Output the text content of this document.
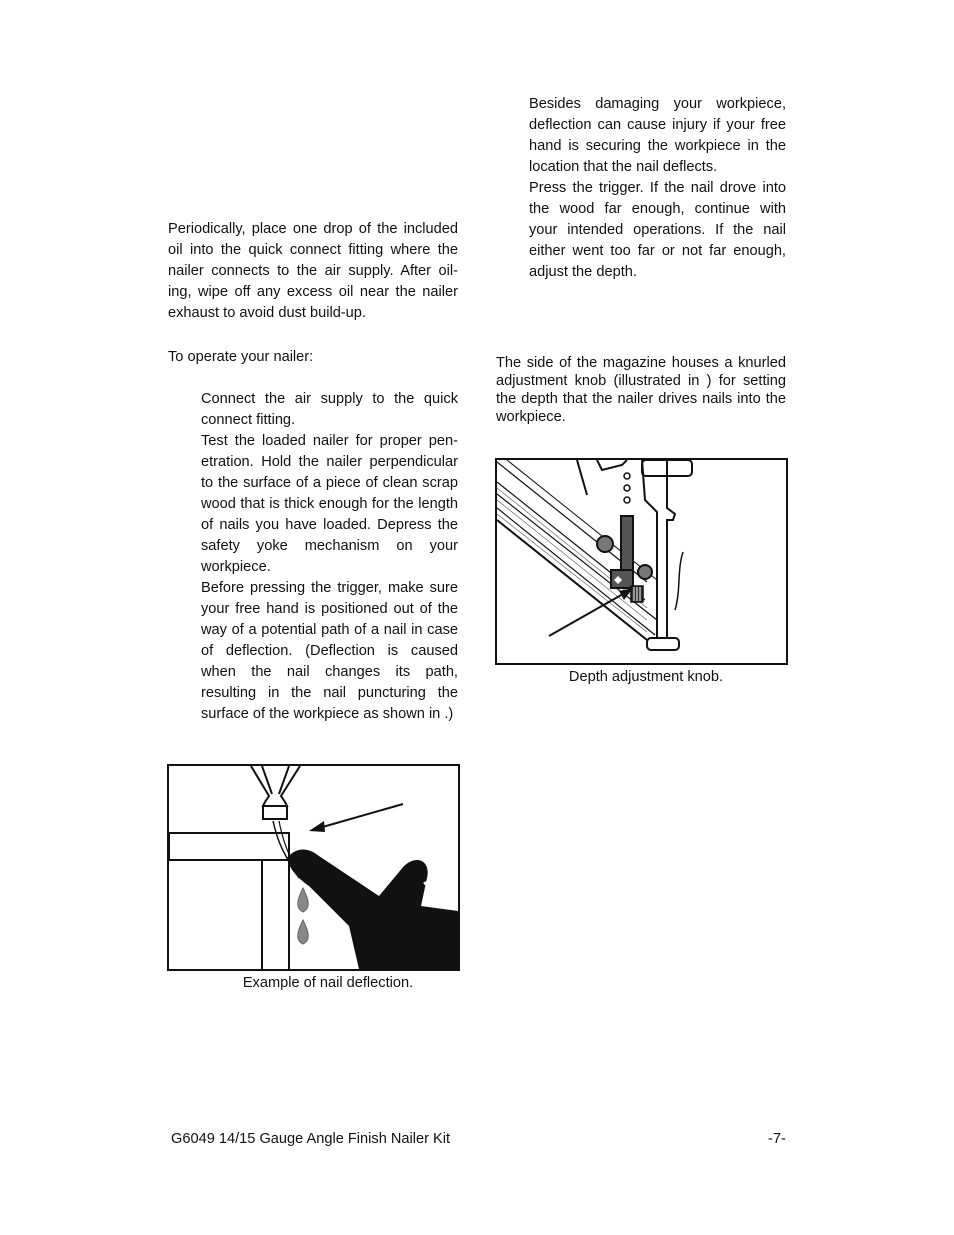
Periodically, place one drop of the included oil into the quick connect fitting where the nailer connects to the air supply. After oil- ing, wipe off any excess oil near the nailer exhaust to avoid dust build-up.
To operate your nailer:
Connect the air supply to the quick connect fitting.
Test the loaded nailer for proper pen- etration. Hold the nailer perpendicular to the surface of a piece of clean scrap wood that is thick enough for the length of nails you have loaded. Depress the safety yoke mechanism on your workpiece.
Before pressing the trigger, make sure your free hand is positioned out of the way of a potential path of a nail in case of deflection. (Deflection is caused when the nail changes its path, resulting in the nail puncturing the surface of the workpiece as shown in .)
Example of nail deflection.
Besides damaging your workpiece, deflection can cause injury if your free hand is securing the workpiece in the location that the nail deflects.
Press the trigger. If the nail drove into the wood far enough, continue with your intended operations. If the nail either went too far or not far enough, adjust the depth.
The side of the magazine houses a knurled adjustment knob (illustrated in ) for setting the depth that the nailer drives nails into the workpiece.
Depth adjustment knob.
G6049 14/15 Gauge Angle Finish Nailer Kit	-7-
